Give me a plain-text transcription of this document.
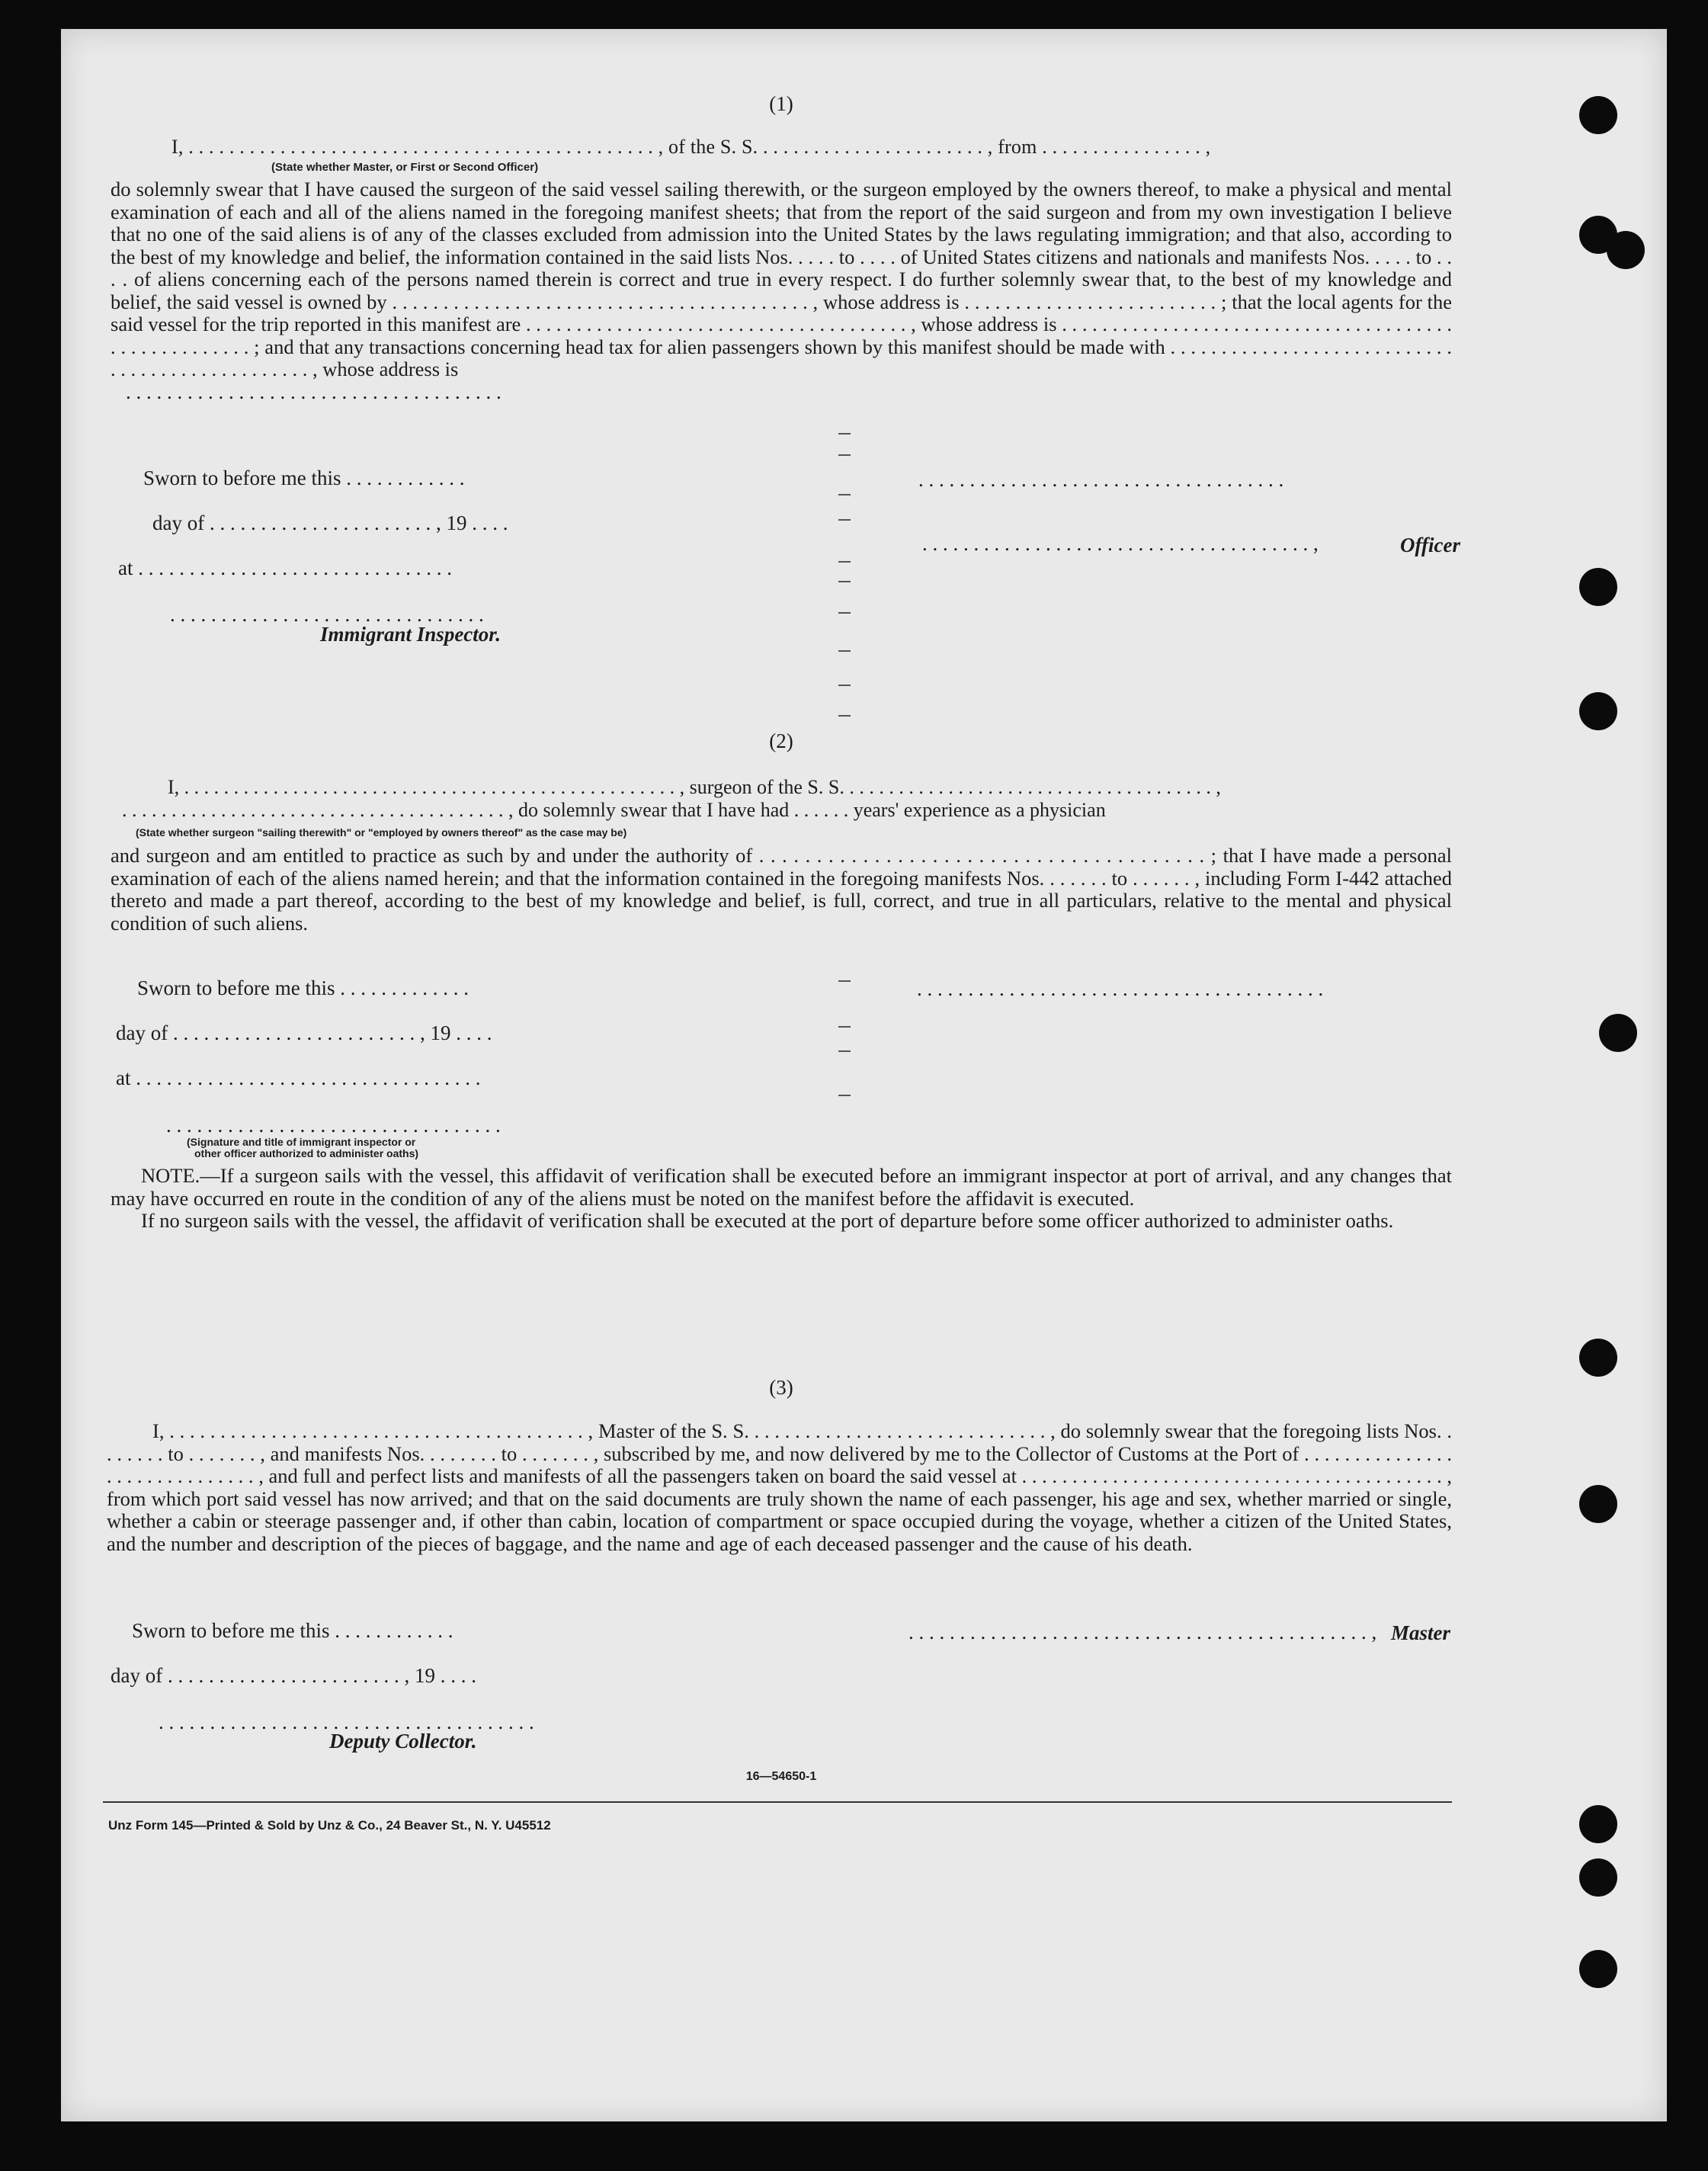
(1)
I, . . . . . . . . . . . . . . . . . . . . . . . . . . . . . . . . . . . . . . . . . . . . . . , of the S. S. . . . . . . . . . . . . . . . . . . . . . . , from . . . . . . . . . . . . . . . . ,
(State whether Master, or First or Second Officer)

do solemnly swear that I have caused the surgeon of the said vessel sailing therewith, or the surgeon employed by the owners thereof, to make a physical and mental examination of each and all of the aliens named in the foregoing manifest sheets; that from the report of the said surgeon and from my own investigation I believe that no one of the said aliens is of any of the classes excluded from admission into the United States by the laws regulating immigration; and that also, according to the best of my knowledge and belief, the information contained in the said lists Nos. . . . . to . . . . of United States citizens and nationals and manifests Nos. . . . . to . . . . of aliens concerning each of the persons named therein is correct and true in every respect. I do further solemnly swear that, to the best of my knowledge and belief, the said vessel is owned by . . . . . . . . . . . . . . . . . . . . . . . . . . . . . . . . . . . . . . . . . , whose address is . . . . . . . . . . . . . . . . . . . . . . . . . ; that the local agents for the said vessel for the trip reported in this manifest are . . . . . . . . . . . . . . . . . . . . . . . . . . . . . . . . . . . . . . , whose address is . . . . . . . . . . . . . . . . . . . . . . . . . . . . . . . . . . . . . . . . . . . . . . . . . . . . . ; and that any transactions concerning head tax for alien passengers shown by this manifest should be made with . . . . . . . . . . . . . . . . . . . . . . . . . . . . . . . . . . . . . . . . . . . . . . . . , whose address is

. . . . . . . . . . . . . . . . . . . . . . . . . . . . . . . . . . . . .
Sworn to before me this . . . . . . . . . . . .
day of . . . . . . . . . . . . . . . . . . . . . . , 19 . . . .
at . . . . . . . . . . . . . . . . . . . . . . . . . . . . . . .
. . . . . . . . . . . . . . . . . . . . . . . . . . . . . . .
Immigrant Inspector.
. . . . . . . . . . . . . . . . . . . . . . . . . . . . . . . . . . . .
. . . . . . . . . . . . . . . . . . . . . . . . . . . . . . . . . . . . . . ,	Officer
(2)
I, . . . . . . . . . . . . . . . . . . . . . . . . . . . . . . . . . . . . . . . . . . . . . . . . . . , surgeon of the S. S. . . . . . . . . . . . . . . . . . . . . . . . . . . . . . . . . . . . . . ,
. . . . . . . . . . . . . . . . . . . . . . . . . . . . . . . . . . . . . . . , do solemnly swear that I have had . . . . . . years' experience as a physician
(State whether surgeon "sailing therewith" or "employed by owners thereof" as the case may be)

and surgeon and am entitled to practice as such by and under the authority of . . . . . . . . . . . . . . . . . . . . . . . . . . . . . . . . . . . . . . . ; that I have made a personal examination of each of the aliens named herein; and that the information contained in the foregoing manifests Nos. . . . . . . to . . . . . . , including Form I-442 attached thereto and made a part thereof, according to the best of my knowledge and belief, is full, correct, and true in all particulars, relative to the mental and physical condition of such aliens.

Sworn to before me this . . . . . . . . . . . . .
day of . . . . . . . . . . . . . . . . . . . . . . . . , 19 . . . .
at . . . . . . . . . . . . . . . . . . . . . . . . . . . . . . . . . .
. . . . . . . . . . . . . . . . . . . . . . . . . . . . . . . . .
(Signature and title of immigrant inspector or
other officer authorized to administer oaths)
. . . . . . . . . . . . . . . . . . . . . . . . . . . . . . . . . . . . . . . .

NOTE.—If a surgeon sails with the vessel, this affidavit of verification shall be executed before an immigrant inspector at port of arrival, and any changes that may have occurred en route in the condition of any of the aliens must be noted on the manifest before the affidavit is executed.

If no surgeon sails with the vessel, the affidavit of verification shall be executed at the port of departure before some officer authorized to administer oaths.

(3)

I, . . . . . . . . . . . . . . . . . . . . . . . . . . . . . . . . . . . . . . . . . , Master of the S. S. . . . . . . . . . . . . . . . . . . . . . . . . . . . . . , do solemnly swear that the foregoing lists Nos. . . . . . . . to . . . . . . . , and manifests Nos. . . . . . . . to . . . . . . . , subscribed by me, and now delivered by me to the Collector of Customs at the Port of . . . . . . . . . . . . . . . . . . . . . . . . . . . . . . , and full and perfect lists and manifests of all the passengers taken on board the said vessel at . . . . . . . . . . . . . . . . . . . . . . . . . . . . . . . . . . . . . . . . . . , from which port said vessel has now arrived; and that on the said documents are truly shown the name of each passenger, his age and sex, whether married or single, whether a cabin or steerage passenger and, if other than cabin, location of compartment or space occupied during the voyage, whether a citizen of the United States, and the number and description of the pieces of baggage, and the name and age of each deceased passenger and the cause of his death.

Sworn to before me this . . . . . . . . . . . .
day of . . . . . . . . . . . . . . . . . . . . . . . , 19 . . . .
. . . . . . . . . . . . . . . . . . . . . . . . . . . . . . . . . . . . .
Deputy Collector.
. . . . . . . . . . . . . . . . . . . . . . . . . . . . . . . . . . . . . . . . . . . . . , Master
16—54650-1
Unz Form 145—Printed & Sold by Unz & Co., 24 Beaver St., N. Y. U45512
